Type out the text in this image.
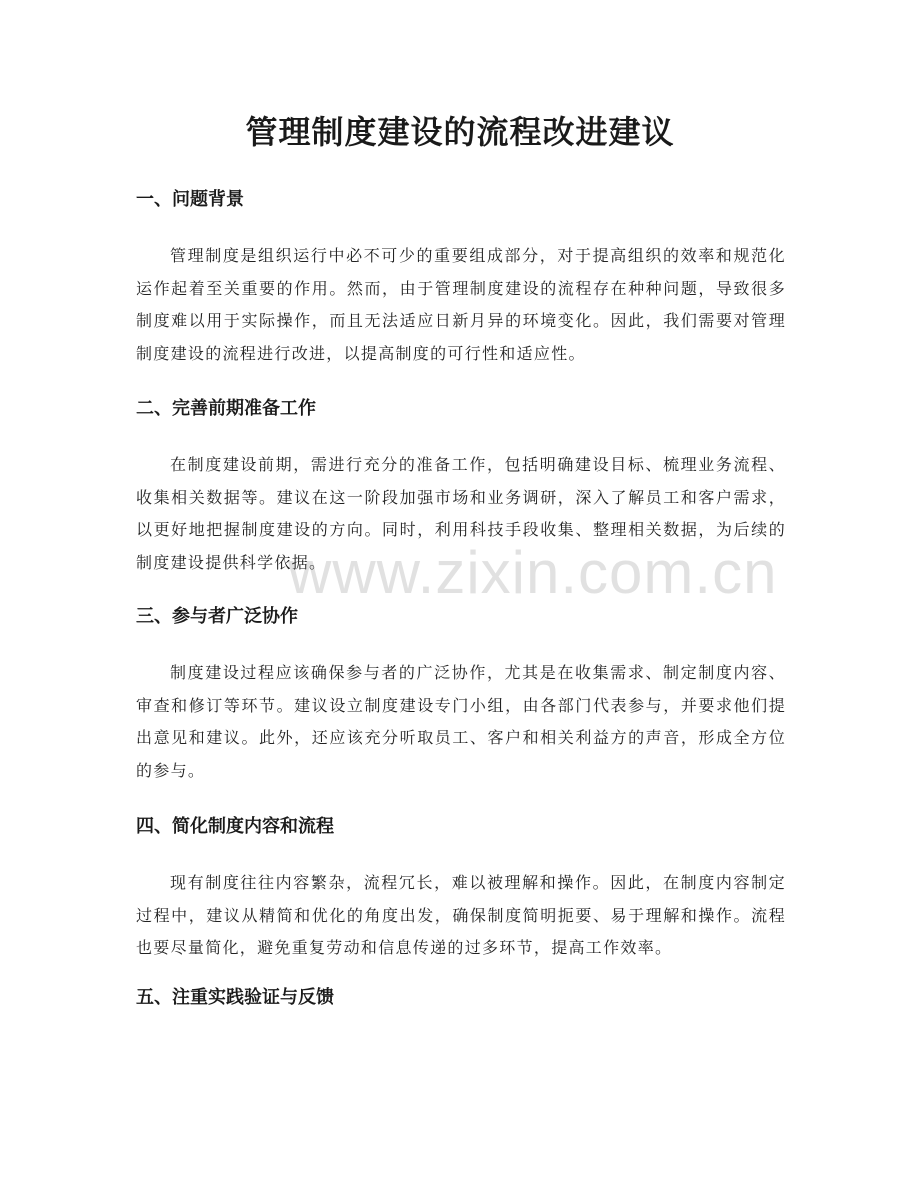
管理制度建设的流程改进建议
一、问题背景

管理制度是组织运行中必不可少的重要组成部分，对于提高组织的效率和规范化运作起着至关重要的作用。然而，由于管理制度建设的流程存在种种问题，导致很多制度难以用于实际操作，而且无法适应日新月异的环境变化。因此，我们需要对管理制度建设的流程进行改进，以提高制度的可行性和适应性。

二、完善前期准备工作

在制度建设前期，需进行充分的准备工作，包括明确建设目标、梳理业务流程、收集相关数据等。建议在这一阶段加强市场和业务调研，深入了解员工和客户需求，以更好地把握制度建设的方向。同时，利用科技手段收集、整理相关数据，为后续的制度建设提供科学依据。

三、参与者广泛协作

制度建设过程应该确保参与者的广泛协作，尤其是在收集需求、制定制度内容、审查和修订等环节。建议设立制度建设专门小组，由各部门代表参与，并要求他们提出意见和建议。此外，还应该充分听取员工、客户和相关利益方的声音，形成全方位的参与。

四、简化制度内容和流程

现有制度往往内容繁杂，流程冗长，难以被理解和操作。因此，在制度内容制定过程中，建议从精简和优化的角度出发，确保制度简明扼要、易于理解和操作。流程也要尽量简化，避免重复劳动和信息传递的过多环节，提高工作效率。

五、注重实践验证与反馈
www.zixin.com.cn
